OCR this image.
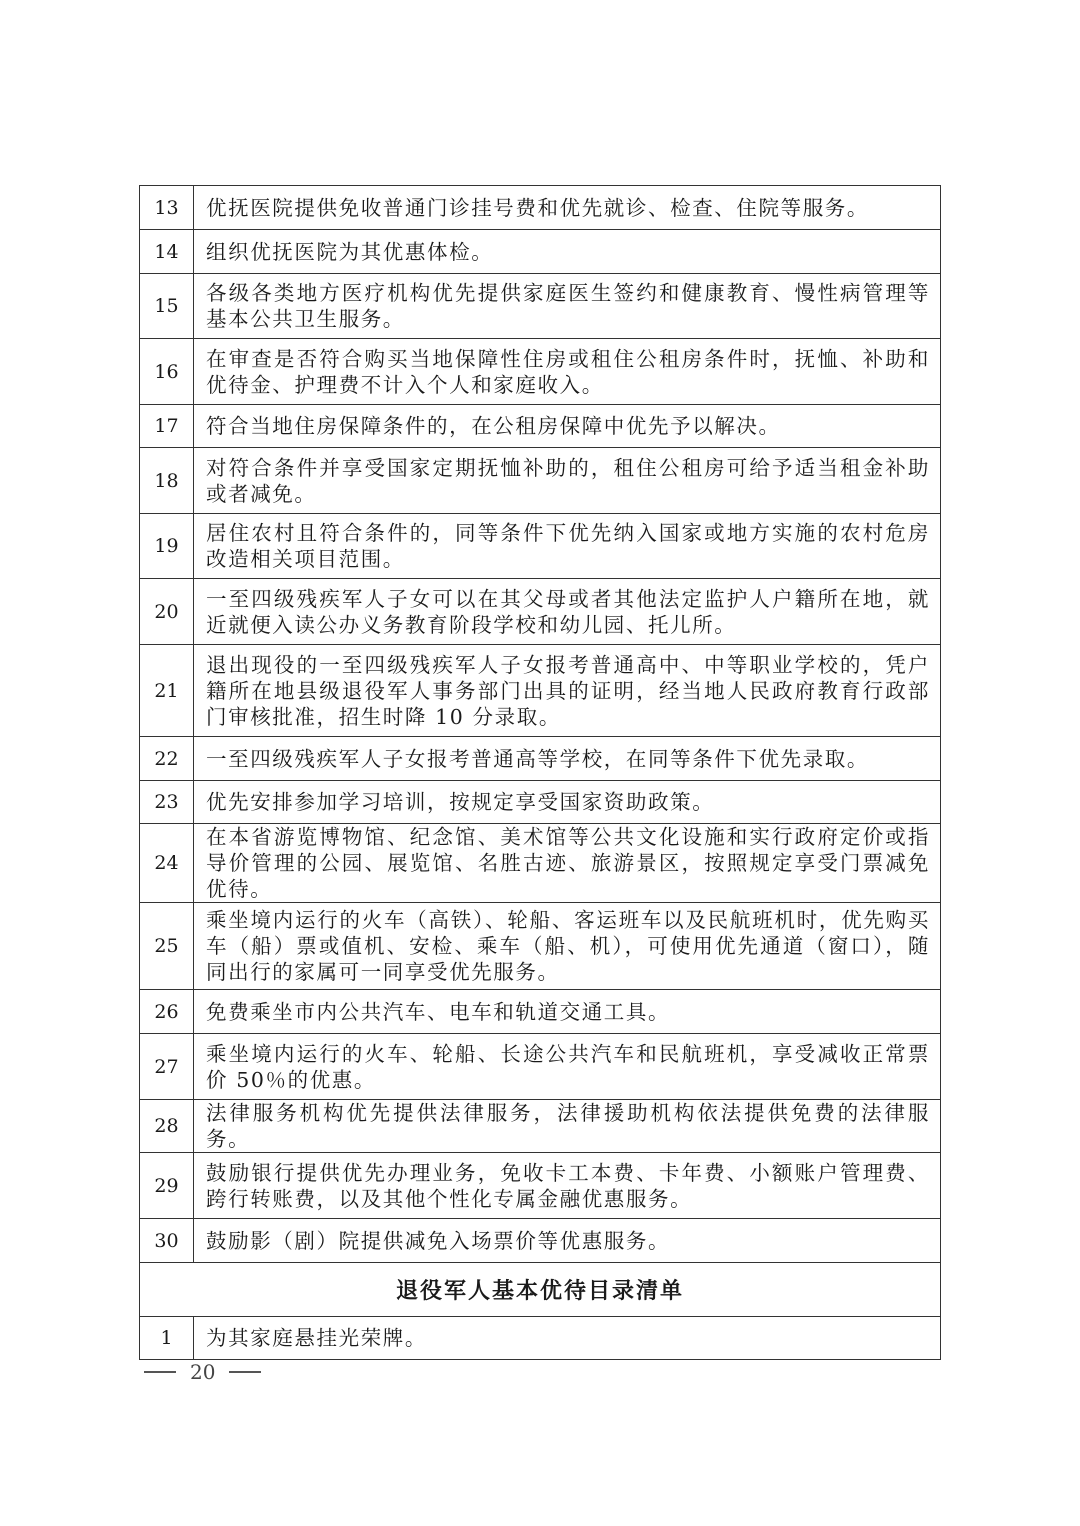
13	优抚医院提供免收普通门诊挂号费和优先就诊、检查、住院等服务。
14	组织优抚医院为其优惠体检。
15	各级各类地方医疗机构优先提供家庭医生签约和健康教育、慢性病管理等基本公共卫生服务。
16	在审查是否符合购买当地保障性住房或租住公租房条件时，抚恤、补助和优待金、护理费不计入个人和家庭收入。
17	符合当地住房保障条件的，在公租房保障中优先予以解决。
18	对符合条件并享受国家定期抚恤补助的，租住公租房可给予适当租金补助或者减免。
19	居住农村且符合条件的，同等条件下优先纳入国家或地方实施的农村危房改造相关项目范围。
20	一至四级残疾军人子女可以在其父母或者其他法定监护人户籍所在地，就近就便入读公办义务教育阶段学校和幼儿园、托儿所。
21	退出现役的一至四级残疾军人子女报考普通高中、中等职业学校的，凭户籍所在地县级退役军人事务部门出具的证明，经当地人民政府教育行政部门审核批准，招生时降 10 分录取。
22	一至四级残疾军人子女报考普通高等学校，在同等条件下优先录取。
23	优先安排参加学习培训，按规定享受国家资助政策。
24	在本省游览博物馆、纪念馆、美术馆等公共文化设施和实行政府定价或指导价管理的公园、展览馆、名胜古迹、旅游景区，按照规定享受门票减免优待。
25	乘坐境内运行的火车（高铁）、轮船、客运班车以及民航班机时，优先购买车（船）票或值机、安检、乘车（船、机），可使用优先通道（窗口），随同出行的家属可一同享受优先服务。
26	免费乘坐市内公共汽车、电车和轨道交通工具。
27	乘坐境内运行的火车、轮船、长途公共汽车和民航班机，享受减收正常票价 50％的优惠。
28	法律服务机构优先提供法律服务，法律援助机构依法提供免费的法律服务。
29	鼓励银行提供优先办理业务，免收卡工本费、卡年费、小额账户管理费、跨行转账费，以及其他个性化专属金融优惠服务。
30	鼓励影（剧）院提供减免入场票价等优惠服务。
退役军人基本优待目录清单	
1	为其家庭悬挂光荣牌。
20
